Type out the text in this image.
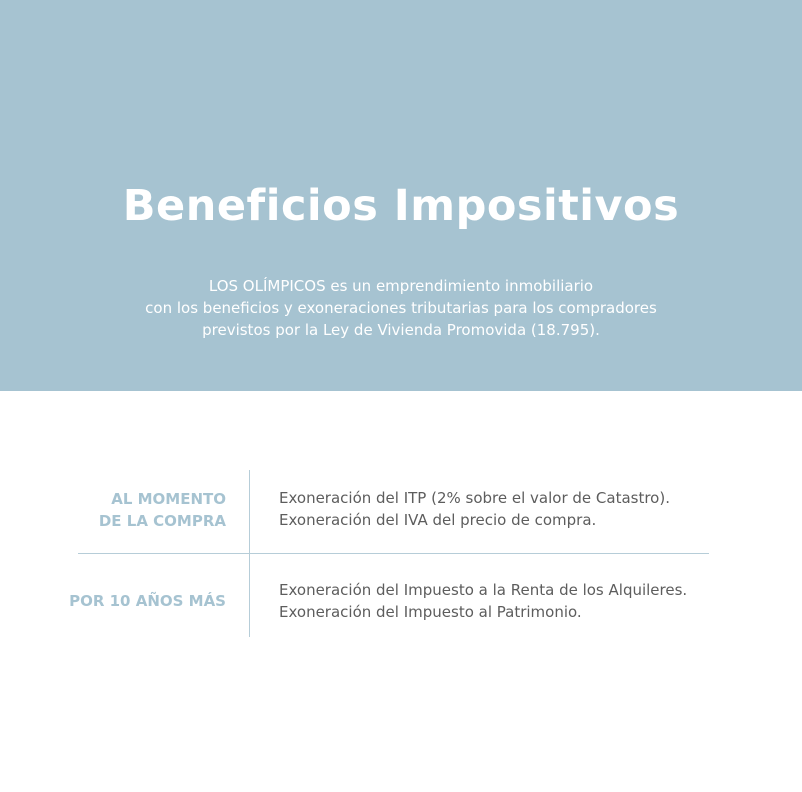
Beneficios Impositivos
LOS OLÍMPICOS es un emprendimiento inmobiliario
con los beneficios y exoneraciones tributarias para los compradores
previstos por la Ley de Vivienda Promovida (18.795).
AL MOMENTO
DE LA COMPRA
Exoneración del ITP (2% sobre el valor de Catastro).
Exoneración del IVA del precio de compra.
POR 10 AÑOS MÁS
Exoneración del Impuesto a la Renta de los Alquileres.
Exoneración del Impuesto al Patrimonio.
